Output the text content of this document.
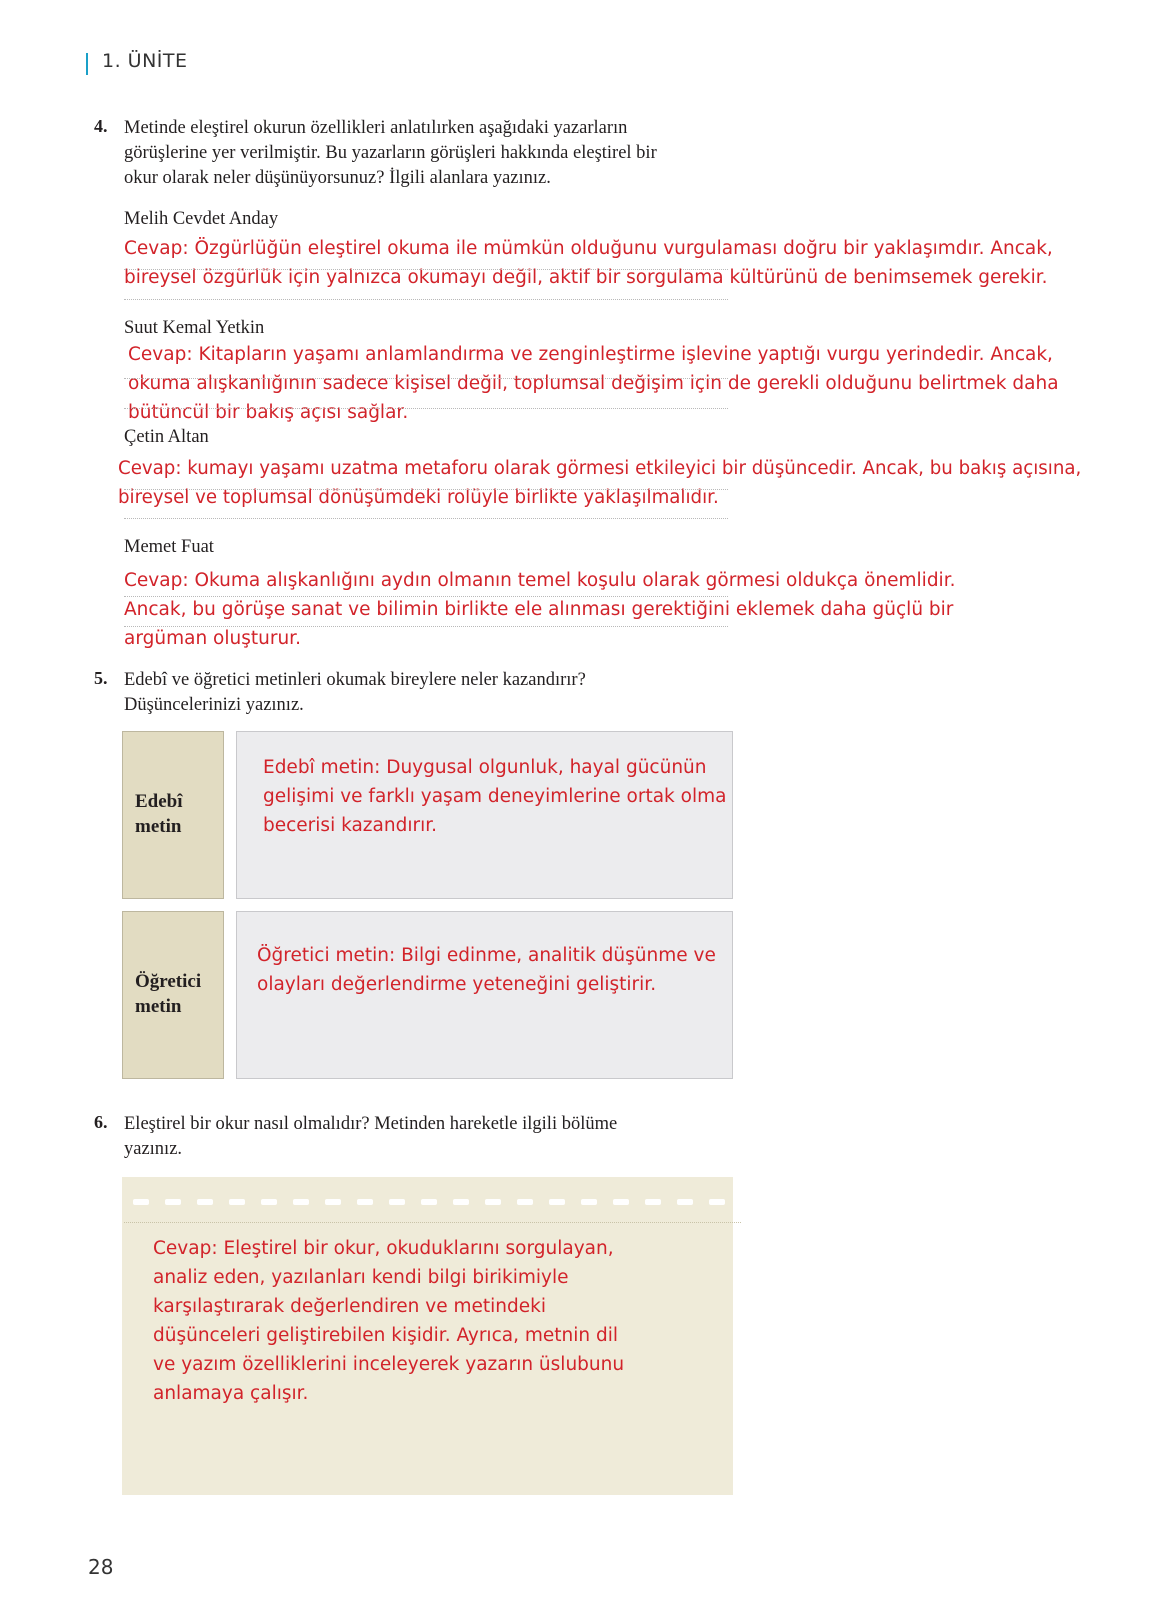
1. ÜNİTE
4. Metinde eleştirel okurun özellikleri anlatılırken aşağıdaki yazarların
görüşlerine yer verilmiştir. Bu yazarların görüşleri hakkında eleştirel bir
okur olarak neler düşünüyorsunuz? İlgili alanlara yazınız.
Melih Cevdet Anday
Cevap: Özgürlüğün eleştirel okuma ile mümkün olduğunu vurgulaması doğru bir yaklaşımdır. Ancak,
bireysel özgürlük için yalnızca okumayı değil, aktif bir sorgulama kültürünü de benimsemek gerekir.
Suut Kemal Yetkin
Cevap: Kitapların yaşamı anlamlandırma ve zenginleştirme işlevine yaptığı vurgu yerindedir. Ancak,
okuma alışkanlığının sadece kişisel değil, toplumsal değişim için de gerekli olduğunu belirtmek daha
bütüncül bir bakış açısı sağlar.
Çetin Altan
Cevap: kumayı yaşamı uzatma metaforu olarak görmesi etkileyici bir düşüncedir. Ancak, bu bakış açısına,
bireysel ve toplumsal dönüşümdeki rolüyle birlikte yaklaşılmalıdır.
Memet Fuat
Cevap: Okuma alışkanlığını aydın olmanın temel koşulu olarak görmesi oldukça önemlidir.
Ancak, bu görüşe sanat ve bilimin birlikte ele alınması gerektiğini eklemek daha güçlü bir
argüman oluşturur.
5. Edebî ve öğretici metinleri okumak bireylere neler kazandırır?
Düşüncelerinizi yazınız.
Edebî
metin
Edebî metin: Duygusal olgunluk, hayal gücünün
gelişimi ve farklı yaşam deneyimlerine ortak olma
becerisi kazandırır.
Öğretici
metin
Öğretici metin: Bilgi edinme, analitik düşünme ve
olayları değerlendirme yeteneğini geliştirir.
6. Eleştirel bir okur nasıl olmalıdır? Metinden hareketle ilgili bölüme
yazınız.
Cevap: Eleştirel bir okur, okuduklarını sorgulayan,
analiz eden, yazılanları kendi bilgi birikimiyle
karşılaştırarak değerlendiren ve metindeki
düşünceleri geliştirebilen kişidir. Ayrıca, metnin dil
ve yazım özelliklerini inceleyerek yazarın üslubunu
anlamaya çalışır.
28
